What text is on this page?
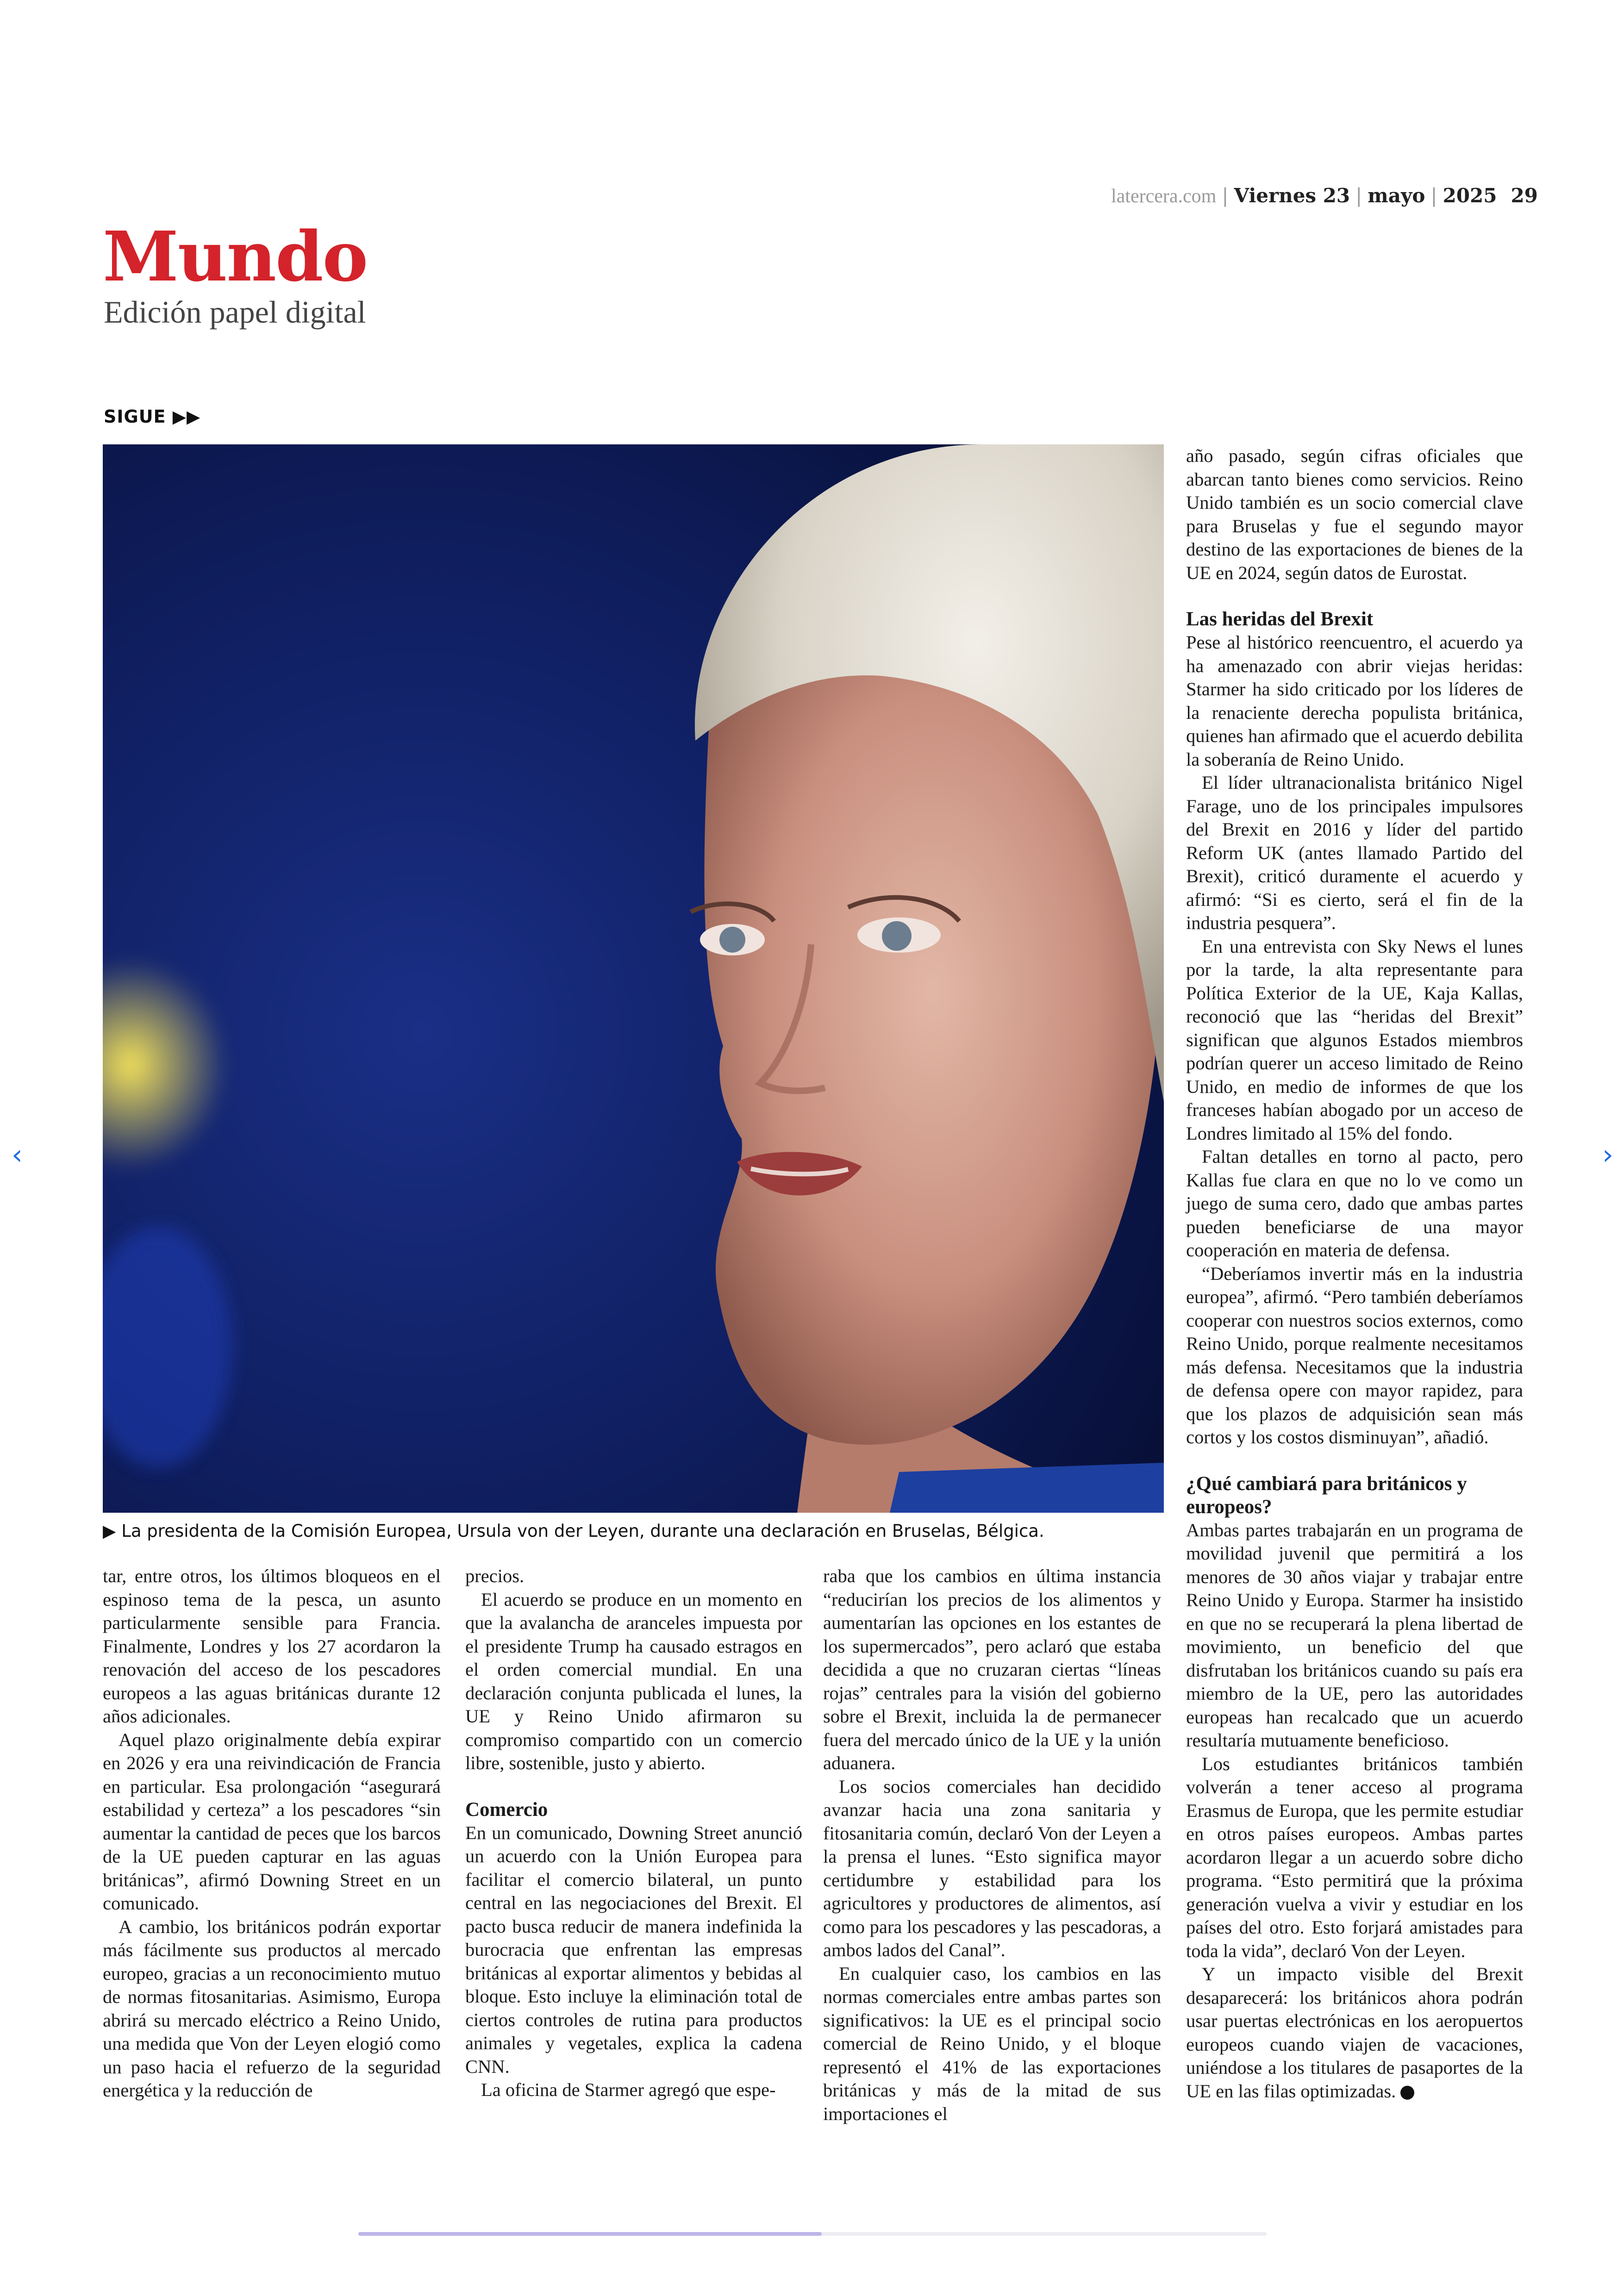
latercera.com | Viernes 23 | mayo | 2025 29
Mundo
Edición papel digital
SIGUE ▶▶
▶ La presidenta de la Comisión Europea, Ursula von der Leyen, durante una declaración en Bruselas, Bélgica.

tar, entre otros, los últimos bloqueos en el espinoso tema de la pesca, un asunto particularmente sensible para Francia. Finalmente, Londres y los 27 acordaron la renovación del acceso de los pescadores europeos a las aguas británicas durante 12 años adicionales.

Aquel plazo originalmente debía expirar en 2026 y era una reivindicación de Francia en particular. Esa prolongación “asegurará estabilidad y certeza” a los pescadores “sin aumentar la cantidad de peces que los barcos de la UE pueden capturar en las aguas británicas”, afirmó Downing Street en un comunicado.

A cambio, los británicos podrán exportar más fácilmente sus productos al mercado europeo, gracias a un reconocimiento mutuo de normas fitosanitarias. Asimismo, Europa abrirá su mercado eléctrico a Reino Unido, una medida que Von der Leyen elogió como un paso hacia el refuerzo de la seguridad energética y la reducción de

precios.

El acuerdo se produce en un momento en que la avalancha de aranceles impuesta por el presidente Trump ha causado estragos en el orden comercial mundial. En una declaración conjunta publicada el lunes, la UE y Reino Unido afirmaron su compromiso compartido con un comercio libre, sostenible, justo y abierto.

Comercio

En un comunicado, Downing Street anunció un acuerdo con la Unión Europea para facilitar el comercio bilateral, un punto central en las negociaciones del Brexit. El pacto busca reducir de manera indefinida la burocracia que enfrentan las empresas británicas al exportar alimentos y bebidas al bloque. Esto incluye la eliminación total de ciertos controles de rutina para productos animales y vegetales, explica la cadena CNN.

La oficina de Starmer agregó que espe-

raba que los cambios en última instancia “reducirían los precios de los alimentos y aumentarían las opciones en los estantes de los supermercados”, pero aclaró que estaba decidida a que no cruzaran ciertas “líneas rojas” centrales para la visión del gobierno sobre el Brexit, incluida la de permanecer fuera del mercado único de la UE y la unión aduanera.

Los socios comerciales han decidido avanzar hacia una zona sanitaria y fitosanitaria común, declaró Von der Leyen a la prensa el lunes. “Esto significa mayor certidumbre y estabilidad para los agricultores y productores de alimentos, así como para los pescadores y las pescadoras, a ambos lados del Canal”.

En cualquier caso, los cambios en las normas comerciales entre ambas partes son significativos: la UE es el principal socio comercial de Reino Unido, y el bloque representó el 41% de las exportaciones británicas y más de la mitad de sus importaciones el

año pasado, según cifras oficiales que abarcan tanto bienes como servicios. Reino Unido también es un socio comercial clave para Bruselas y fue el segundo mayor destino de las exportaciones de bienes de la UE en 2024, según datos de Eurostat.

Las heridas del Brexit

Pese al histórico reencuentro, el acuerdo ya ha amenazado con abrir viejas heridas: Starmer ha sido criticado por los líderes de la renaciente derecha populista británica, quienes han afirmado que el acuerdo debilita la soberanía de Reino Unido.

El líder ultranacionalista británico Nigel Farage, uno de los principales impulsores del Brexit en 2016 y líder del partido Reform UK (antes llamado Partido del Brexit), criticó duramente el acuerdo y afirmó: “Si es cierto, será el fin de la industria pesquera”.

En una entrevista con Sky News el lunes por la tarde, la alta representante para Política Exterior de la UE, Kaja Kallas, reconoció que las “heridas del Brexit” significan que algunos Estados miembros podrían querer un acceso limitado de Reino Unido, en medio de informes de que los franceses habían abogado por un acceso de Londres limitado al 15% del fondo.

Faltan detalles en torno al pacto, pero Kallas fue clara en que no lo ve como un juego de suma cero, dado que ambas partes pueden beneficiarse de una mayor cooperación en materia de defensa.

“Deberíamos invertir más en la industria europea”, afirmó. “Pero también deberíamos cooperar con nuestros socios externos, como Reino Unido, porque realmente necesitamos más defensa. Necesitamos que la industria de defensa opere con mayor rapidez, para que los plazos de adquisición sean más cortos y los costos disminuyan”, añadió.

¿Qué cambiará para británicos y europeos?

Ambas partes trabajarán en un programa de movilidad juvenil que permitirá a los menores de 30 años viajar y trabajar entre Reino Unido y Europa. Starmer ha insistido en que no se recuperará la plena libertad de movimiento, un beneficio del que disfrutaban los británicos cuando su país era miembro de la UE, pero las autoridades europeas han recalcado que un acuerdo resultaría mutuamente beneficioso.

Los estudiantes británicos también volverán a tener acceso al programa Erasmus de Europa, que les permite estudiar en otros países europeos. Ambas partes acordaron llegar a un acuerdo sobre dicho programa. “Esto permitirá que la próxima generación vuelva a vivir y estudiar en los países del otro. Esto forjará amistades para toda la vida”, declaró Von der Leyen.

Y un impacto visible del Brexit desaparecerá: los británicos ahora podrán usar puertas electrónicas en los aeropuertos europeos cuando viajen de vacaciones, uniéndose a los titulares de pasaportes de la UE en las filas optimizadas.

‹	›
